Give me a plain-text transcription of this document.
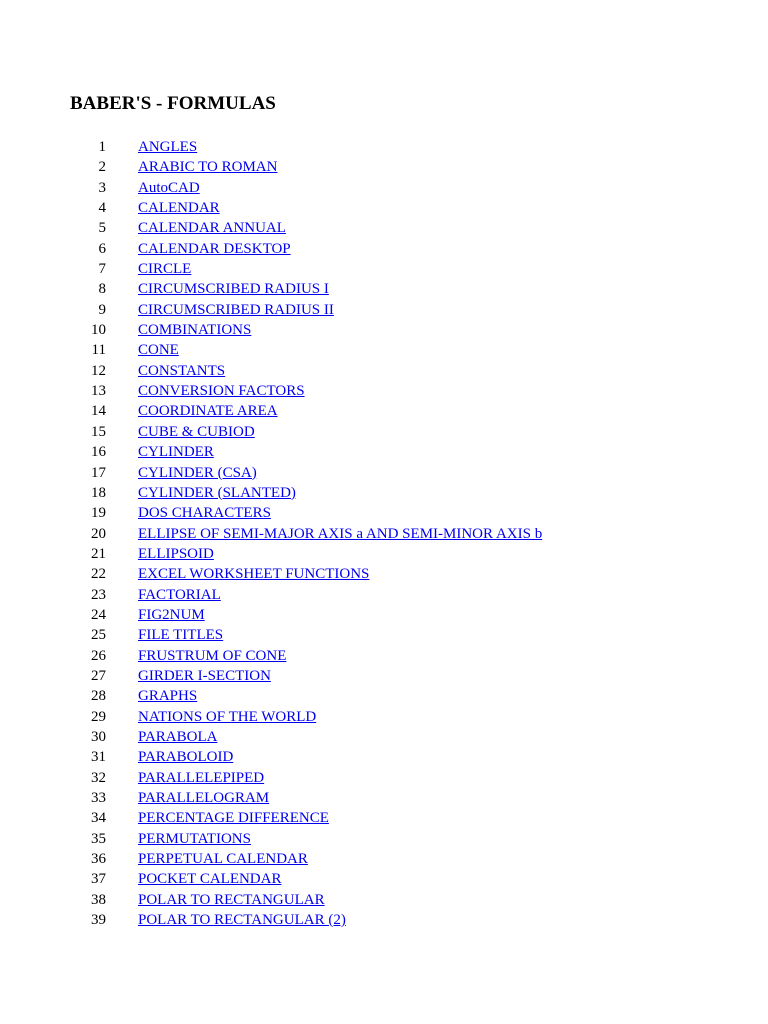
BABER'S - FORMULAS
1 ANGLES
2 ARABIC TO ROMAN
3 AutoCAD
4 CALENDAR
5 CALENDAR ANNUAL
6 CALENDAR DESKTOP
7 CIRCLE
8 CIRCUMSCRIBED RADIUS I
9 CIRCUMSCRIBED RADIUS II
10 COMBINATIONS
11 CONE
12 CONSTANTS
13 CONVERSION FACTORS
14 COORDINATE AREA
15 CUBE & CUBIOD
16 CYLINDER
17 CYLINDER (CSA)
18 CYLINDER (SLANTED)
19 DOS CHARACTERS
20 ELLIPSE OF SEMI-MAJOR AXIS a AND SEMI-MINOR AXIS b
21 ELLIPSOID
22 EXCEL WORKSHEET FUNCTIONS
23 FACTORIAL
24 FIG2NUM
25 FILE TITLES
26 FRUSTRUM OF CONE
27 GIRDER I-SECTION
28 GRAPHS
29 NATIONS OF THE WORLD
30 PARABOLA
31 PARABOLOID
32 PARALLELEPIPED
33 PARALLELOGRAM
34 PERCENTAGE DIFFERENCE
35 PERMUTATIONS
36 PERPETUAL CALENDAR
37 POCKET CALENDAR
38 POLAR TO RECTANGULAR
39 POLAR TO RECTANGULAR (2)
